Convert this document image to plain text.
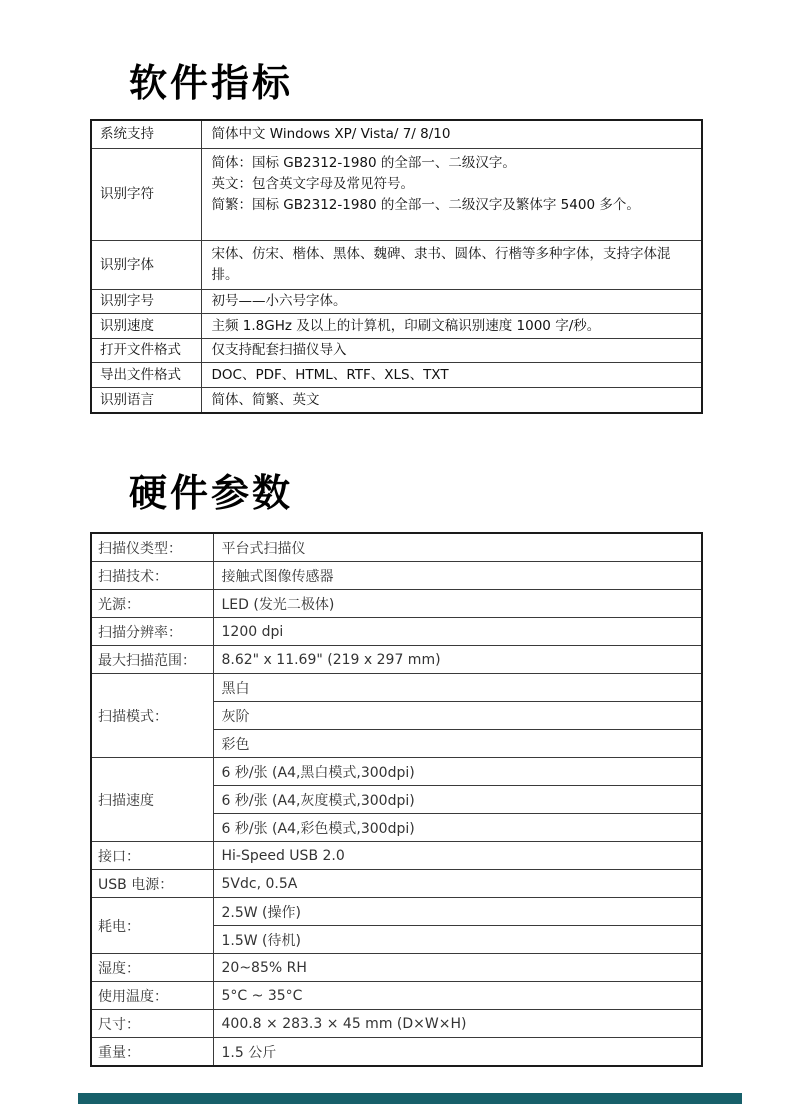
软件指标
系统支持	简体中文 Windows XP/ Vista/ 7/ 8/10

识别字符	简体：国标 GB2312-1980 的全部一、二级汉字。
英文：包含英文字母及常见符号。
简繁：国标 GB2312-1980 的全部一、二级汉字及繁体字 5400 多个。

识别字体	宋体、仿宋、楷体、黑体、魏碑、隶书、圆体、行楷等多种字体，支持字体混排。

识别字号	初号——小六号字体。

识别速度	主频 1.8GHz 及以上的计算机，印刷文稿识别速度 1000 字/秒。

打开文件格式	仅支持配套扫描仪导入

导出文件格式	DOC、PDF、HTML、RTF、XLS、TXT

识别语言	简体、简繁、英文
硬件参数
扫描仪类型：	平台式扫描仪
扫描技术：	接触式图像传感器
光源：	LED (发光二极体)
扫描分辨率：	1200 dpi
最大扫描范围：	8.62" x 11.69" (219 x 297 mm)
扫描模式：	黑白
	灰阶
	彩色
扫描速度	6 秒/张 (A4,黑白模式,300dpi)
	6 秒/张 (A4,灰度模式,300dpi)
	6 秒/张 (A4,彩色模式,300dpi)
接口：	Hi-Speed USB 2.0
USB 电源：	5Vdc, 0.5A
耗电：	2.5W (操作)
	1.5W (待机)
湿度：	20~85% RH
使用温度：	5°C ~ 35°C
尺寸：	400.8 × 283.3 × 45 mm (D×W×H)
重量：	1.5 公斤
